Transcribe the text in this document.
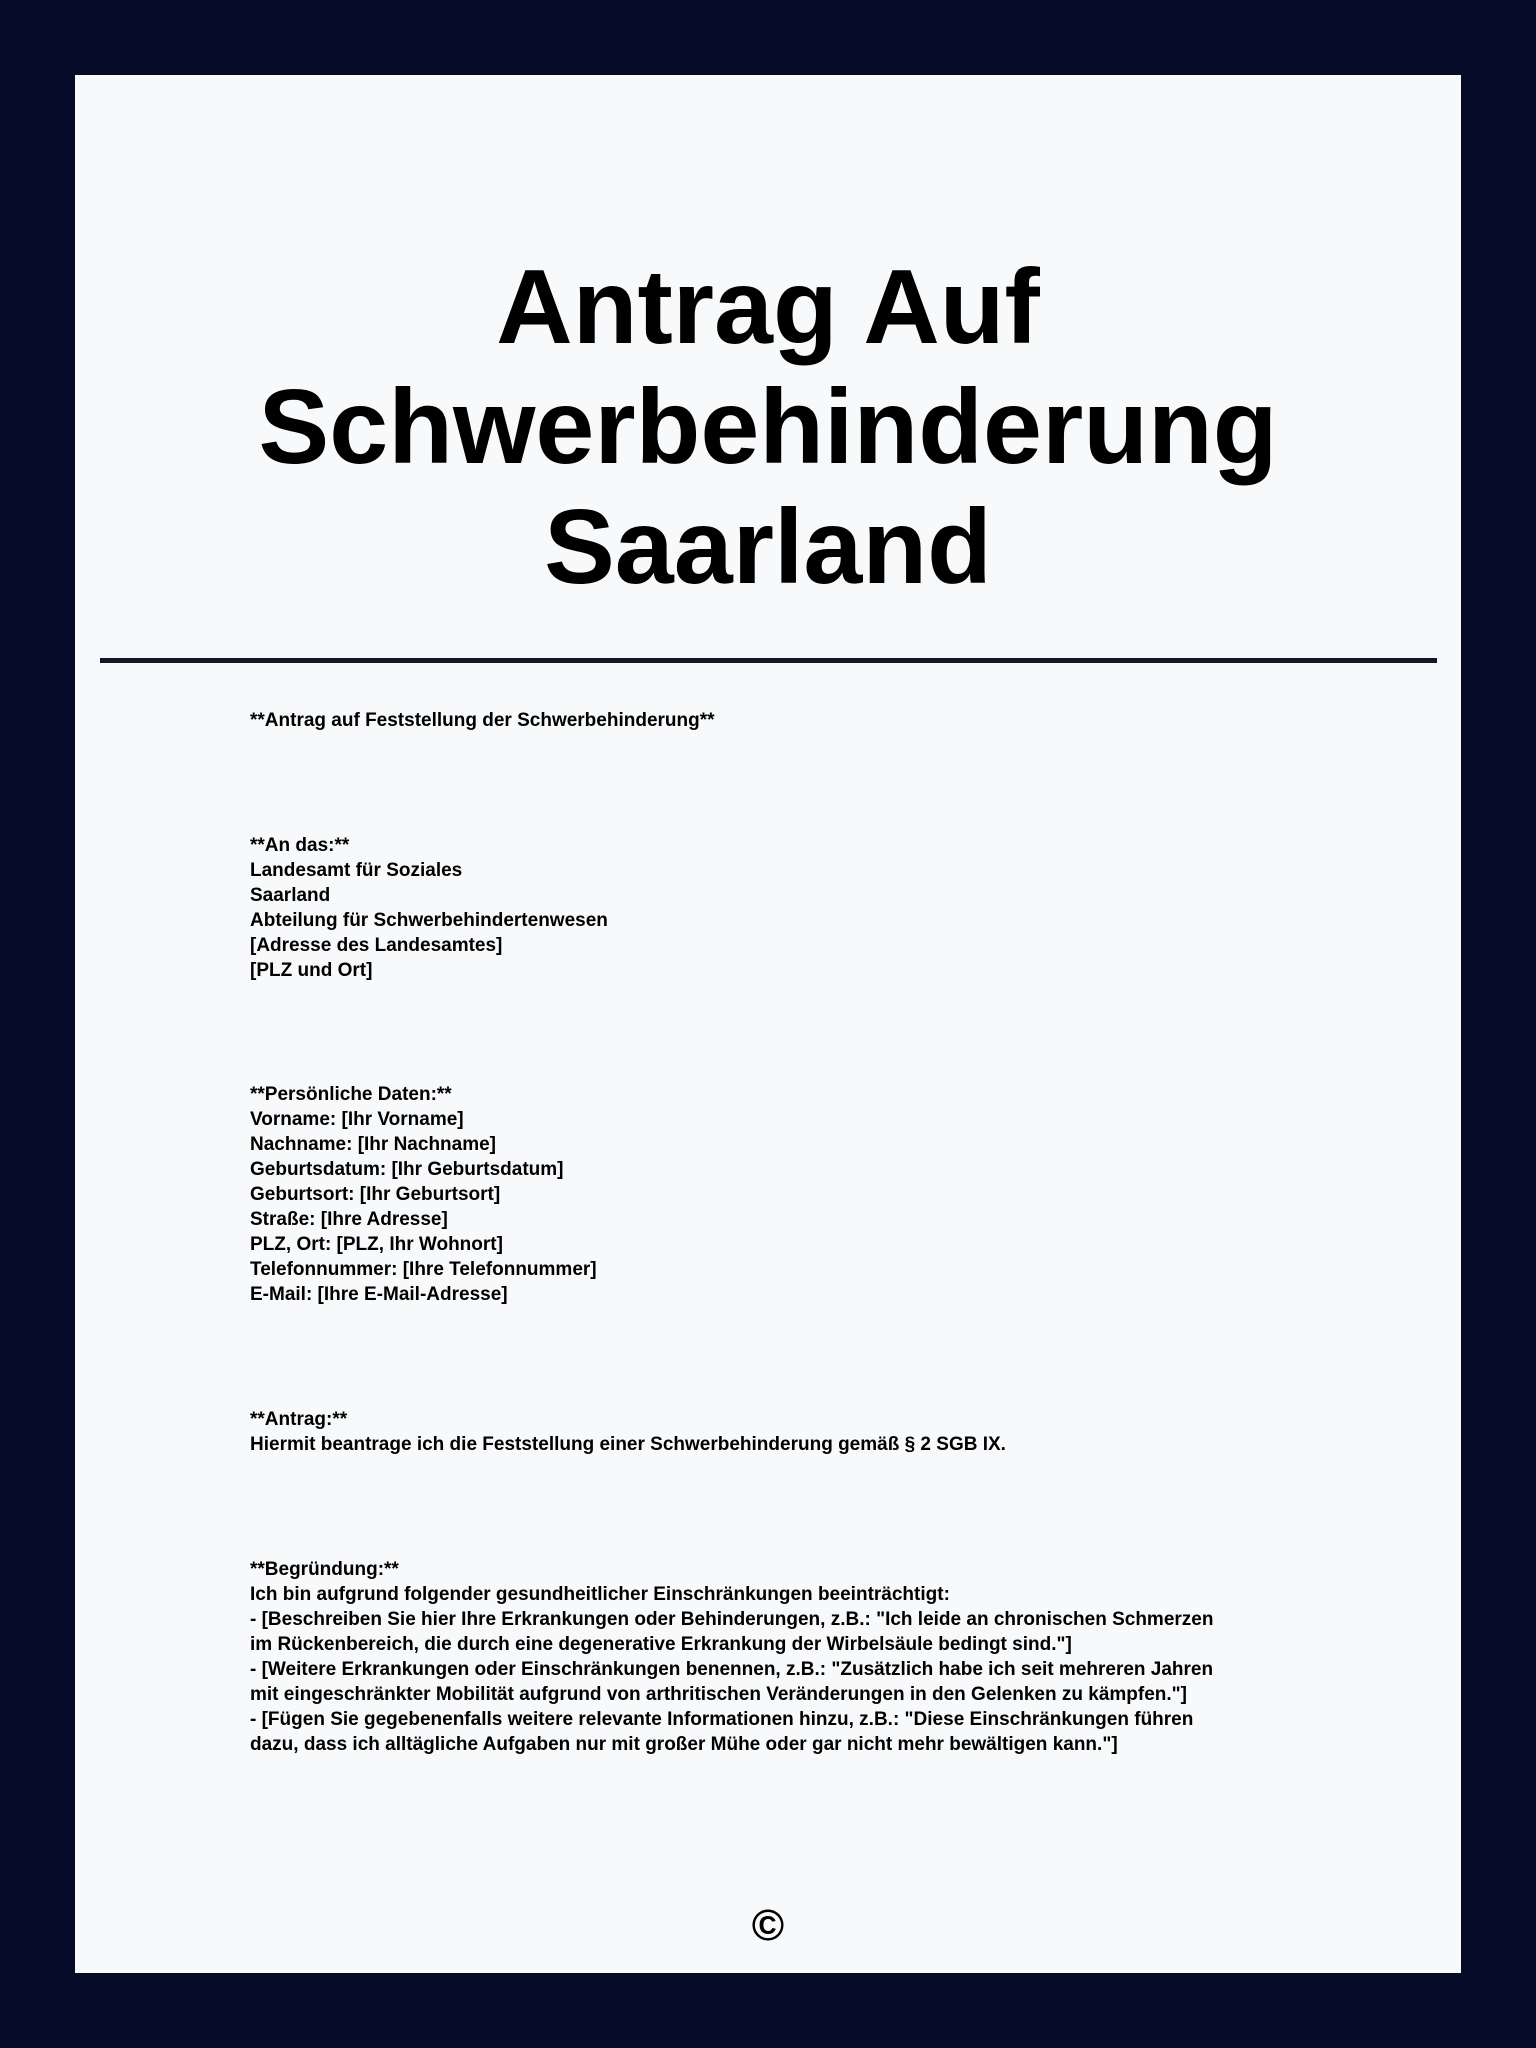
Antrag Auf
Schwerbehinderung
Saarland
**Antrag auf Feststellung der Schwerbehinderung**
**An das:**
Landesamt für Soziales
Saarland
Abteilung für Schwerbehindertenwesen
[Adresse des Landesamtes]
[PLZ und Ort]
**Persönliche Daten:**
Vorname: [Ihr Vorname]
Nachname: [Ihr Nachname]
Geburtsdatum: [Ihr Geburtsdatum]
Geburtsort: [Ihr Geburtsort]
Straße: [Ihre Adresse]
PLZ, Ort: [PLZ, Ihr Wohnort]
Telefonnummer: [Ihre Telefonnummer]
E-Mail: [Ihre E-Mail-Adresse]
**Antrag:**
Hiermit beantrage ich die Feststellung einer Schwerbehinderung gemäß § 2 SGB IX.
**Begründung:**
Ich bin aufgrund folgender gesundheitlicher Einschränkungen beeinträchtigt:
- [Beschreiben Sie hier Ihre Erkrankungen oder Behinderungen, z.B.: "Ich leide an chronischen Schmerzen
im Rückenbereich, die durch eine degenerative Erkrankung der Wirbelsäule bedingt sind."]
- [Weitere Erkrankungen oder Einschränkungen benennen, z.B.: "Zusätzlich habe ich seit mehreren Jahren
mit eingeschränkter Mobilität aufgrund von arthritischen Veränderungen in den Gelenken zu kämpfen."]
- [Fügen Sie gegebenenfalls weitere relevante Informationen hinzu, z.B.: "Diese Einschränkungen führen
dazu, dass ich alltägliche Aufgaben nur mit großer Mühe oder gar nicht mehr bewältigen kann."]
©
